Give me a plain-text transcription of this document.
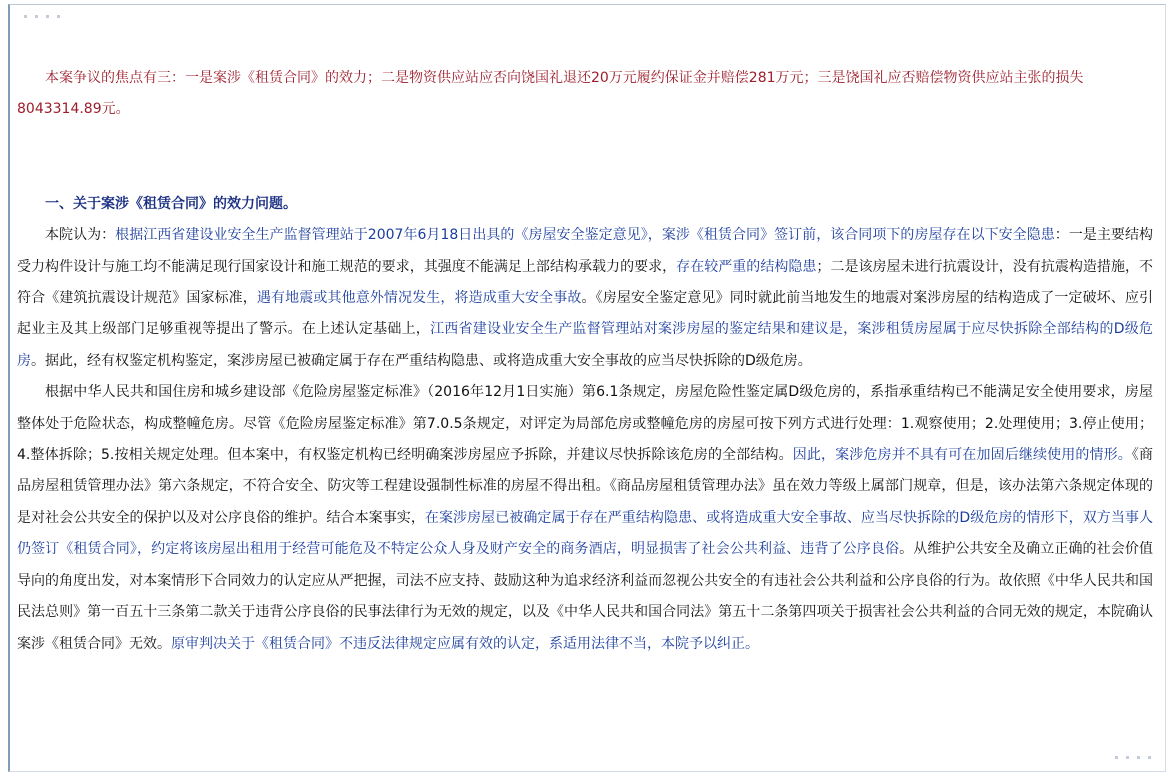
本案争议的焦点有三：一是案涉《租赁合同》的效力；二是物资供应站应否向饶国礼退还20万元履约保证金并赔偿281万元；三是饶国礼应否赔偿物资供应站主张的损失8043314.89元。

一、关于案涉《租赁合同》的效力问题。

本院认为：根据江西省建设业安全生产监督管理站于2007年6月18日出具的《房屋安全鉴定意见》，案涉《租赁合同》签订前，该合同项下的房屋存在以下安全隐患：一是主要结构受力构件设计与施工均不能满足现行国家设计和施工规范的要求，其强度不能满足上部结构承载力的要求，存在较严重的结构隐患；二是该房屋未进行抗震设计，没有抗震构造措施，不符合《建筑抗震设计规范》国家标准，遇有地震或其他意外情况发生，将造成重大安全事故。《房屋安全鉴定意见》同时就此前当地发生的地震对案涉房屋的结构造成了一定破坏、应引起业主及其上级部门足够重视等提出了警示。在上述认定基础上，江西省建设业安全生产监督管理站对案涉房屋的鉴定结果和建议是，案涉租赁房屋属于应尽快拆除全部结构的D级危房。据此，经有权鉴定机构鉴定，案涉房屋已被确定属于存在严重结构隐患、或将造成重大安全事故的应当尽快拆除的D级危房。

根据中华人民共和国住房和城乡建设部《危险房屋鉴定标准》（2016年12月1日实施）第6.1条规定，房屋危险性鉴定属D级危房的，系指承重结构已不能满足安全使用要求，房屋整体处于危险状态，构成整幢危房。尽管《危险房屋鉴定标准》第7.0.5条规定，对评定为局部危房或整幢危房的房屋可按下列方式进行处理：1.观察使用；2.处理使用；3.停止使用；4.整体拆除；5.按相关规定处理。但本案中，有权鉴定机构已经明确案涉房屋应予拆除，并建议尽快拆除该危房的全部结构。因此，案涉危房并不具有可在加固后继续使用的情形。《商品房屋租赁管理办法》第六条规定，不符合安全、防灾等工程建设强制性标准的房屋不得出租。《商品房屋租赁管理办法》虽在效力等级上属部门规章，但是，该办法第六条规定体现的是对社会公共安全的保护以及对公序良俗的维护。结合本案事实，在案涉房屋已被确定属于存在严重结构隐患、或将造成重大安全事故、应当尽快拆除的D级危房的情形下，双方当事人仍签订《租赁合同》，约定将该房屋出租用于经营可能危及不特定公众人身及财产安全的商务酒店，明显损害了社会公共利益、违背了公序良俗。从维护公共安全及确立正确的社会价值导向的角度出发，对本案情形下合同效力的认定应从严把握，司法不应支持、鼓励这种为追求经济利益而忽视公共安全的有违社会公共利益和公序良俗的行为。故依照《中华人民共和国民法总则》第一百五十三条第二款关于违背公序良俗的民事法律行为无效的规定，以及《中华人民共和国合同法》第五十二条第四项关于损害社会公共利益的合同无效的规定，本院确认案涉《租赁合同》无效。原审判决关于《租赁合同》不违反法律规定应属有效的认定，系适用法律不当，本院予以纠正。
